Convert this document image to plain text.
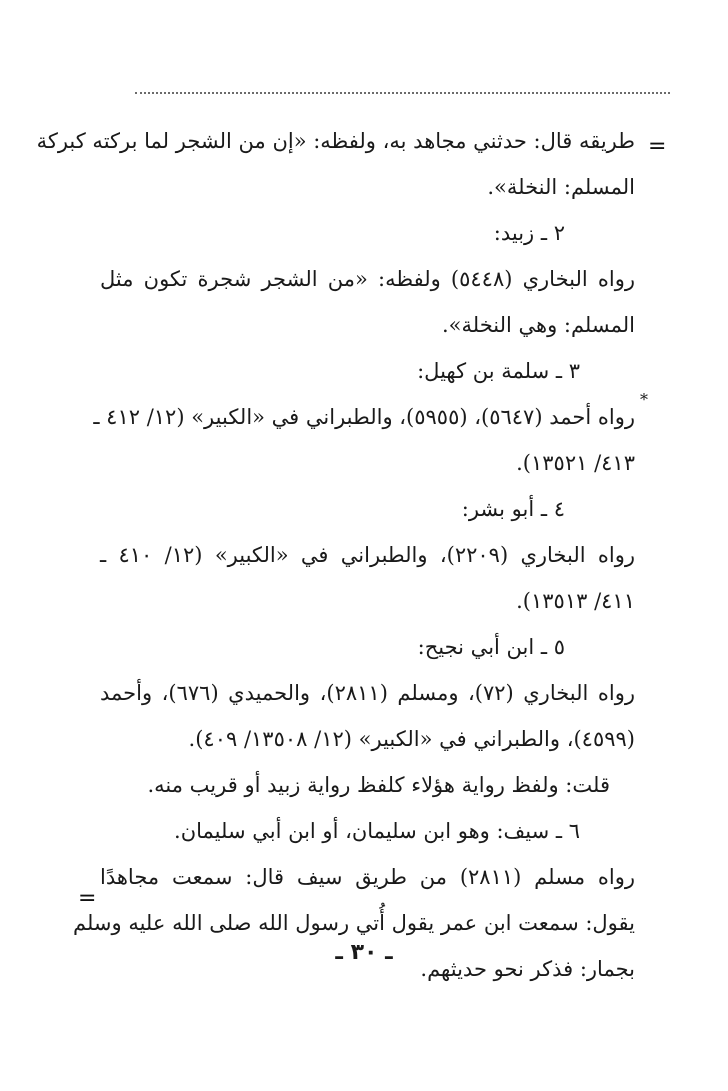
=
*
طريقه قال: حدثني مجاهد به، ولفظه: «إن من الشجر لما بركته كبركة
المسلم: النخلة».
٢ ـ زبيد:
رواه البخاري (٥٤٤٨) ولفظه: «من الشجر شجرة تكون مثل
المسلم: وهي النخلة».
٣ ـ سلمة بن كهيل:
رواه أحمد (٥٦٤٧)، (٥٩٥٥)، والطبراني في «الكبير» (١٢/ ٤١٢ ـ
٤١٣/ ١٣٥٢١).
٤ ـ أبو بشر:
رواه البخاري (٢٢٠٩)، والطبراني في «الكبير» (١٢/ ٤١٠ ـ
٤١١/ ١٣٥١٣).
٥ ـ ابن أبي نجيح:
رواه البخاري (٧٢)، ومسلم (٢٨١١)، والحميدي (٦٧٦)، وأحمد
(٤٥٩٩)، والطبراني في «الكبير» (١٢/ ١٣٥٠٨/ ٤٠٩).
قلت: ولفظ رواية هؤلاء كلفظ رواية زبيد أو قريب منه.
٦ ـ سيف: وهو ابن سليمان، أو ابن أبي سليمان.
رواه مسلم (٢٨١١) من طريق سيف قال: سمعت مجاهدًا
يقول: سمعت ابن عمر يقول أُتي رسول الله صلى الله عليه وسلم
بجمار: فذكر نحو حديثهم.
=
ـ ٣٠ ـ
